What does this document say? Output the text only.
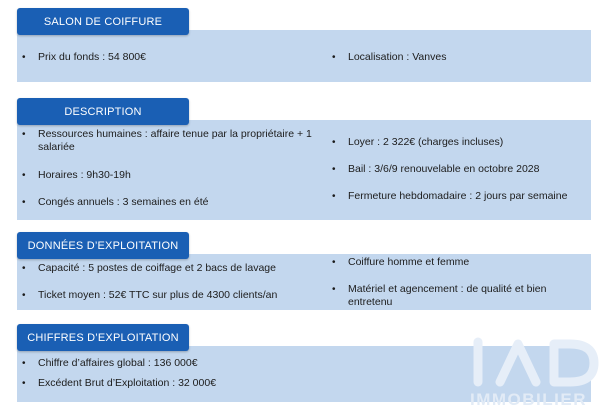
SALON DE COIFFURE
• Prix du fonds : 54 800€
•	Localisation : Vanves
DESCRIPTION
• Ressources humaines : affaire tenue par la propriétaire + 1 salariée
• Horaires : 9h30-19h
• Congés annuels : 3 semaines en été
• Loyer : 2 322€ (charges incluses)
• Bail : 3/6/9 renouvelable en octobre 2028
• Fermeture hebdomadaire : 2 jours par semaine
DONNÉES D’EXPLOITATION
• Capacité : 5 postes de coiffage et 2 bacs de lavage
• Ticket moyen : 52€ TTC sur plus de 4300 clients/an
• Coiffure homme et femme
• Matériel et agencement : de qualité et bien entretenu
CHIFFRES D’EXPLOITATION
• Chiffre d’affaires global : 136 000€
• Excédent Brut d’Exploitation : 32 000€
IMMOBILIER
